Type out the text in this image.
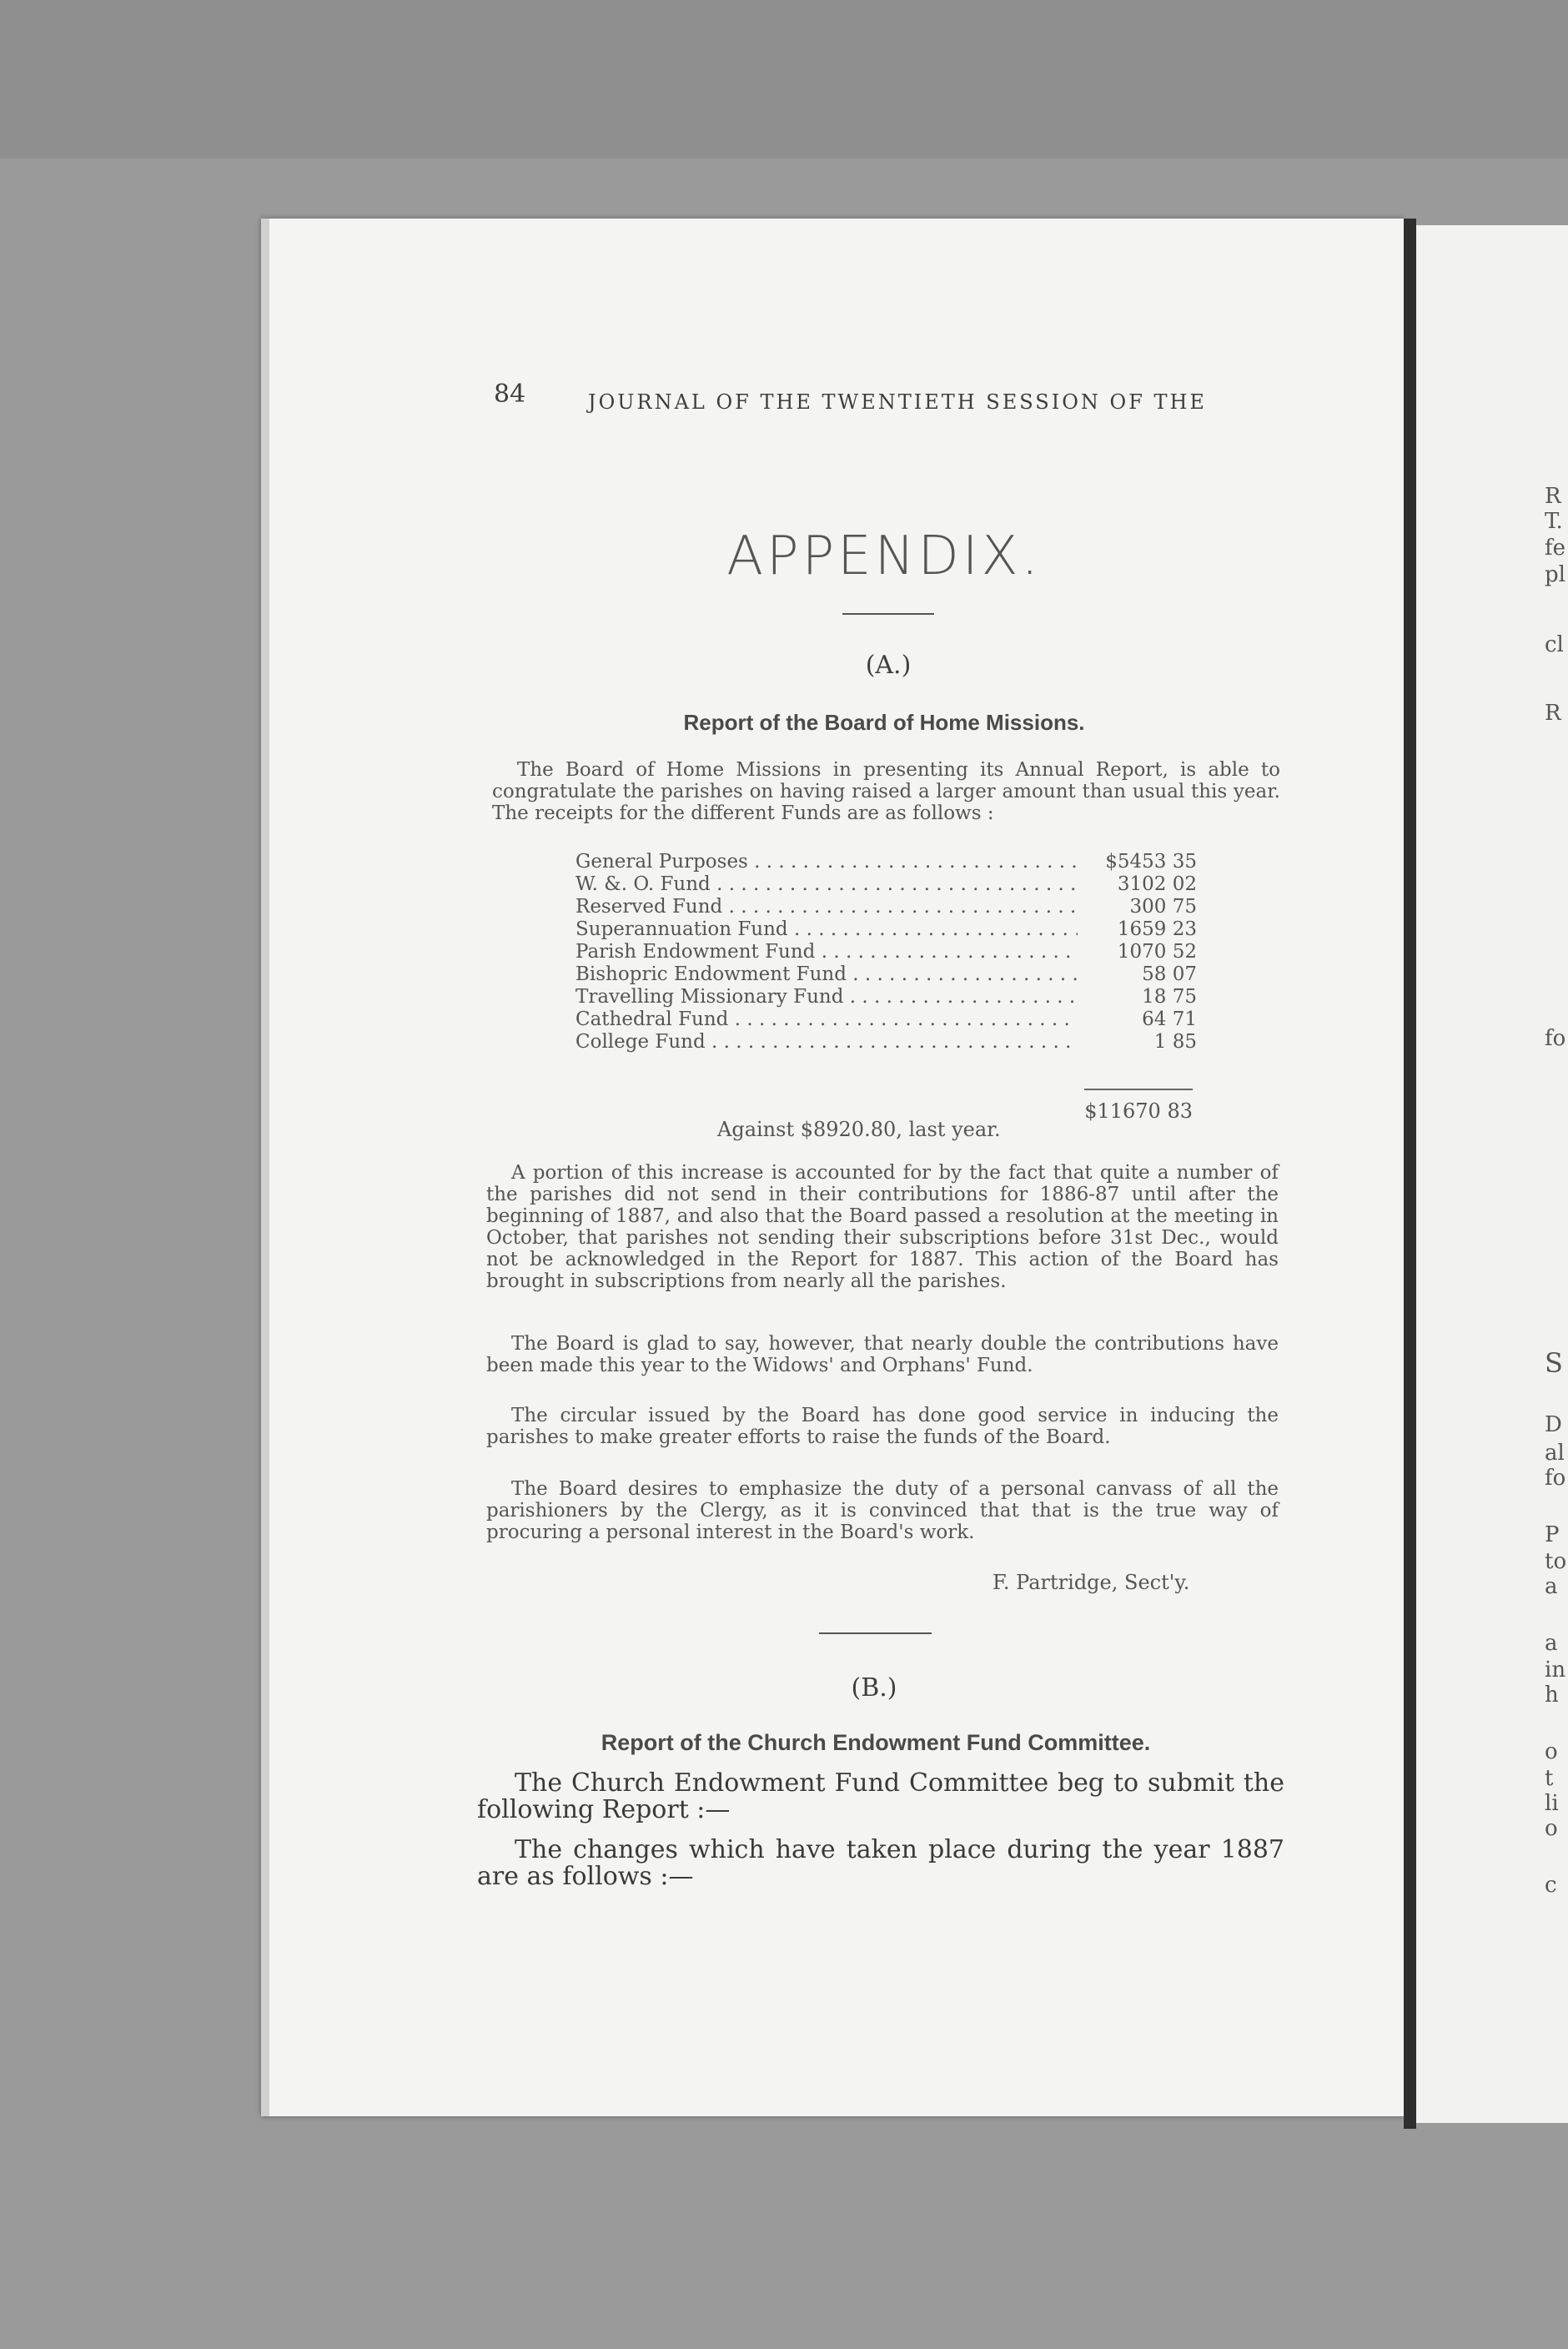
84	JOURNAL OF THE TWENTIETH SESSION OF THE
APPENDIX.
(A.)
Report of the Board of Home Missions.
The Board of Home Missions in presenting its Annual Report, is able to congratulate the parishes on having raised a larger amount than usual this year. The receipts for the different Funds are as follows :
General Purposes . . .	$5453 35
W. &. O. Fund . . .	3102 02
Reserved Fund . . .	300 75
Superannuation Fund . . .	1659 23
Parish Endowment Fund . . .	1070 52
Bishopric Endowment Fund . . .	58 07
Travelling Missionary Fund . . .	18 75
Cathedral Fund . . .	64 71
College Fund . . .	1 85
$11670 83
Against $8920.80, last year.
A portion of this increase is accounted for by the fact that quite a number of the parishes did not send in their contributions for 1886-87 until after the beginning of 1887, and also that the Board passed a resolution at the meeting in October, that parishes not sending their subscriptions before 31st Dec., would not be acknowledged in the Report for 1887. This action of the Board has brought in subscriptions from nearly all the parishes.
The Board is glad to say, however, that nearly double the contributions have been made this year to the Widows' and Orphans' Fund.
The circular issued by the Board has done good service in inducing the parishes to make greater efforts to raise the funds of the Board.
The Board desires to emphasize the duty of a personal canvass of all the parishioners by the Clergy, as it is convinced that that is the true way of procuring a personal interest in the Board's work.
F. Partridge, Sect'y.
(B.)
Report of the Church Endowment Fund Committee.
The Church Endowment Fund Committee beg to submit the following Report :—
The changes which have taken place during the year 1887 are as follows :—
R
T.
fe
pl
cl
R
fo
S
D
al
fo
P
to
a
a
in
h
o
t
li
o
c
